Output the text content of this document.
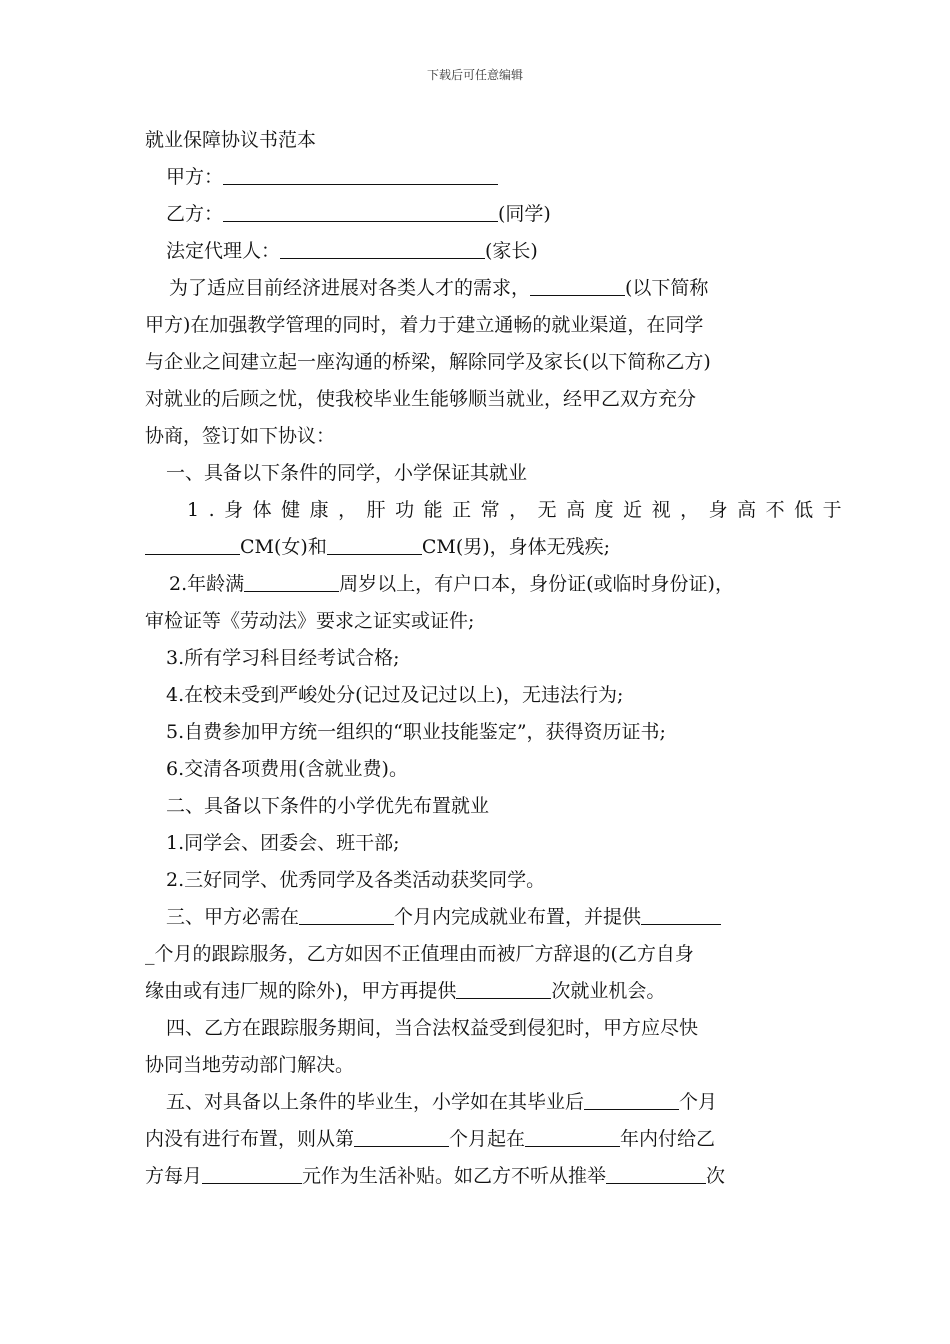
下载后可任意编辑
就业保障协议书范本
甲方：
乙方：	(同学)
法定代理人：	(家长)
为了适应目前经济进展对各类人才的需求，	(以下简称
甲方)在加强教学管理的同时，着力于建立通畅的就业渠道，在同学
与企业之间建立起一座沟通的桥梁，解除同学及家长(以下简称乙方)
对就业的后顾之忧，使我校毕业生能够顺当就业，经甲乙双方充分
协商，签订如下协议：
一、具备以下条件的同学，小学保证其就业
1.身体健康，肝功能正常，无高度近视，身高不低于
CM(女)和	CM(男)，身体无残疾;
2.年龄满	周岁以上，有户口本，身份证(或临时身份证)，
审检证等《劳动法》要求之证实或证件;
3.所有学习科目经考试合格;
4.在校未受到严峻处分(记过及记过以上)，无违法行为;
5.自费参加甲方统一组织的“职业技能鉴定”，获得资历证书;
6.交清各项费用(含就业费)。
二、具备以下条件的小学优先布置就业
1.同学会、团委会、班干部;
2.三好同学、优秀同学及各类活动获奖同学。
三、甲方必需在	个月内完成就业布置，并提供
_个月的跟踪服务，乙方如因不正值理由而被厂方辞退的(乙方自身
缘由或有违厂规的除外)，甲方再提供	次就业机会。
四、乙方在跟踪服务期间，当合法权益受到侵犯时，甲方应尽快
协同当地劳动部门解决。
五、对具备以上条件的毕业生，小学如在其毕业后	个月
内没有进行布置，则从第	个月起在	年内付给乙
方每月	元作为生活补贴。如乙方不听从推举	次
